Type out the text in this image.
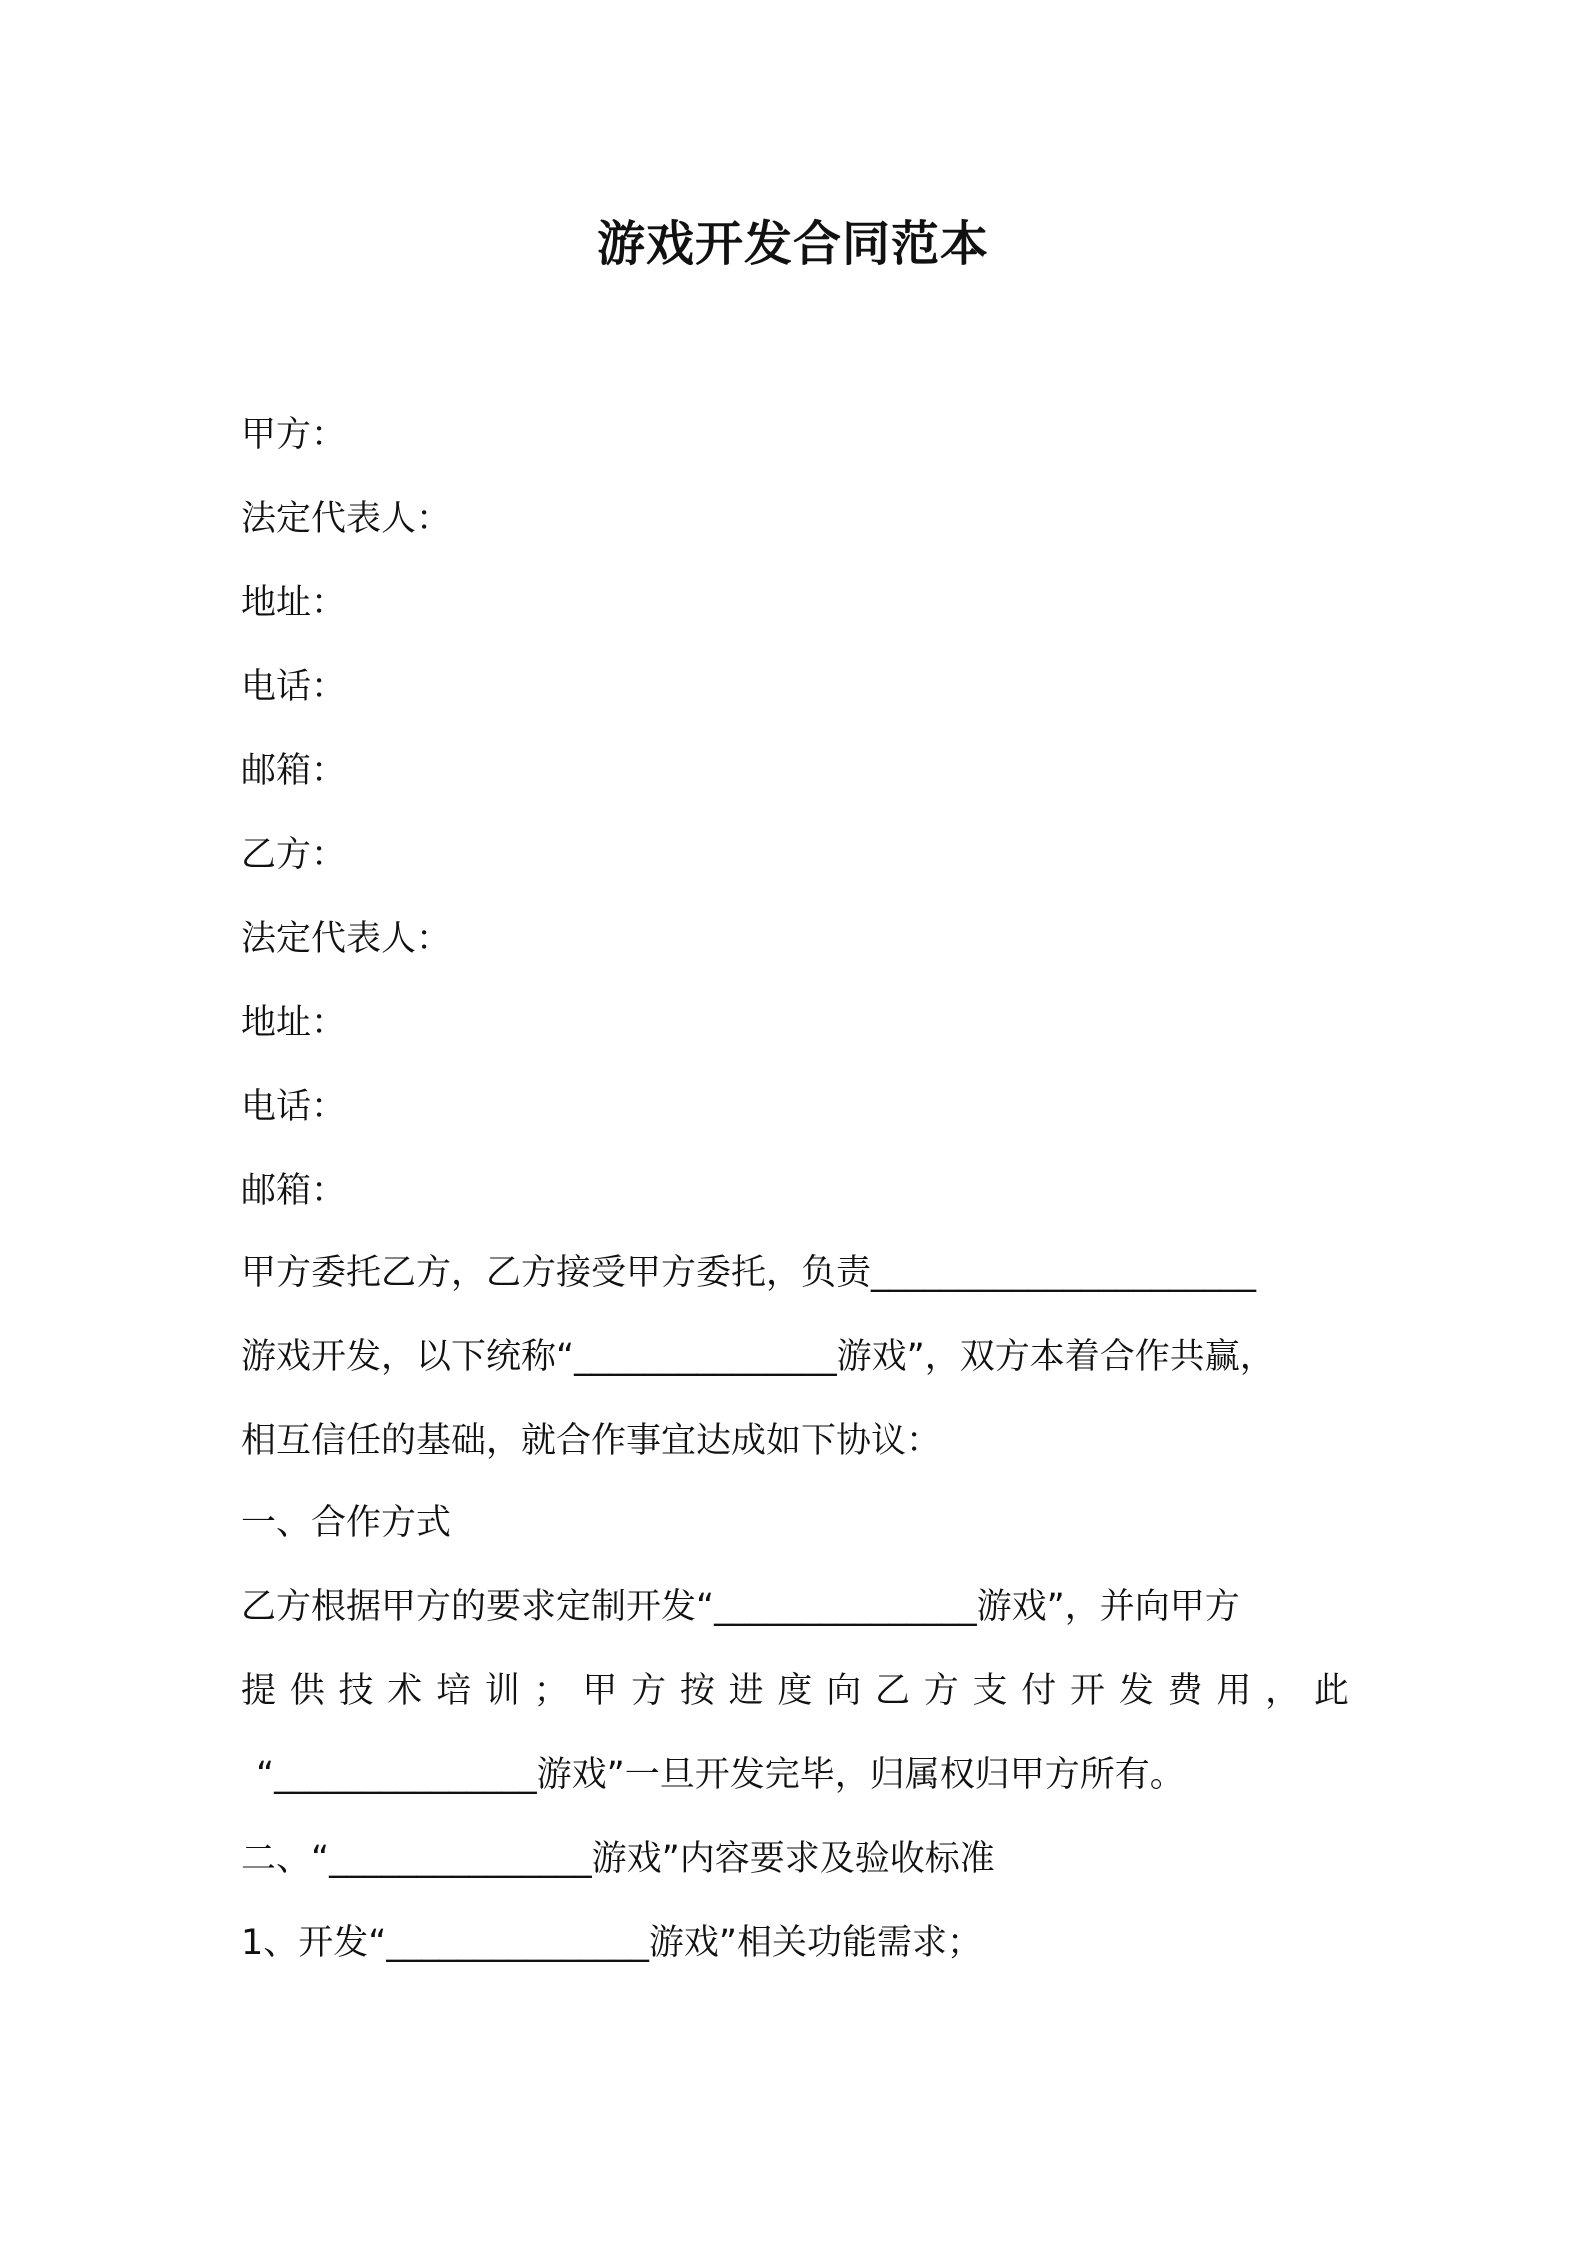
游戏开发合同范本
甲方：
法定代表人：
地址：
电话：
邮箱：
乙方：
法定代表人：
地址：
电话：
邮箱：
甲方委托乙方，乙方接受甲方委托，负责______________________
游戏开发，以下统称“_______________游戏”，双方本着合作共赢，
相互信任的基础，就合作事宜达成如下协议：
一、合作方式
乙方根据甲方的要求定制开发“_______________游戏”，并向甲方
提 供 技 术 培 训 ； 甲 方 按 进 度 向 乙 方 支 付 开 发 费 用 ， 此
“_______________游戏”一旦开发完毕，归属权归甲方所有。
二、“_______________游戏”内容要求及验收标准
1、开发“_______________游戏”相关功能需求；
